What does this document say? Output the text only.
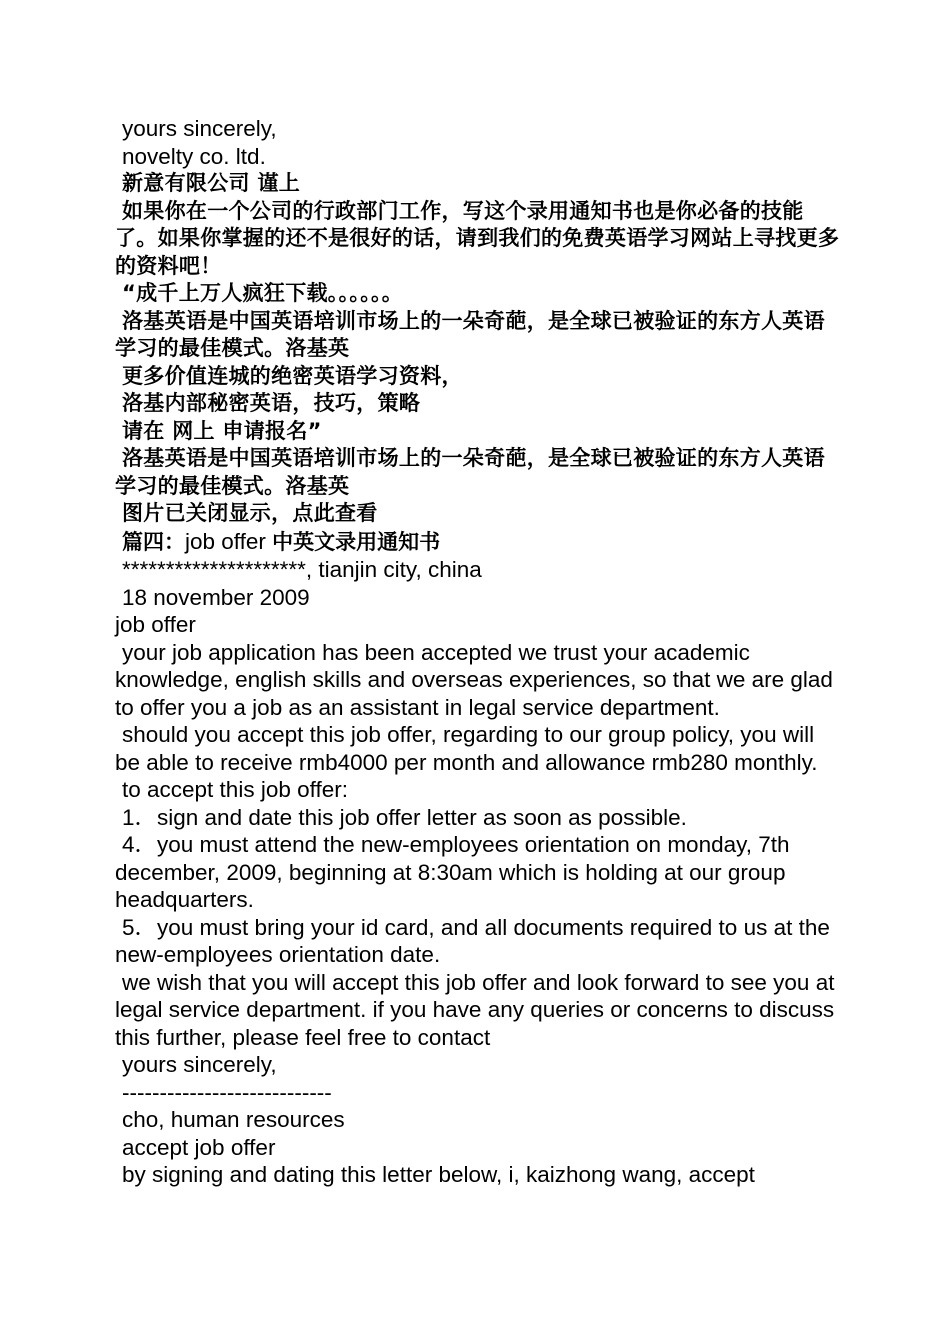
yours sincerely,

novelty co. ltd.

新意有限公司 谨上

如果你在一个公司的行政部门工作，写这个录用通知书也是你必备的技能了。如果你掌握的还不是很好的话，请到我们的免费英语学习网站上寻找更多的资料吧！

“成千上万人疯狂下载。。。。。。

洛基英语是中国英语培训市场上的一朵奇葩，是全球已被验证的东方人英语学习的最佳模式。洛基英

更多价值连城的绝密英语学习资料，

洛基内部秘密英语，技巧，策略

请在 网上 申请报名”

洛基英语是中国英语培训市场上的一朵奇葩，是全球已被验证的东方人英语学习的最佳模式。洛基英

图片已关闭显示，点此查看

篇四：job offer 中英文录用通知书

*********************, tianjin city, china

18 november 2009

job offer

your job application has been accepted we trust your academic knowledge, english skills and overseas experiences, so that we are glad to offer you a job as an assistant in legal service department.

should you accept this job offer, regarding to our group policy, you will be able to receive rmb4000 per month and allowance rmb280 monthly.

to accept this job offer:

1．sign and date this job offer letter as soon as possible.

4．you must attend the new-employees orientation on monday, 7th december, 2009, beginning at 8:30am which is holding at our group headquarters.

5．you must bring your id card, and all documents required to us at the new-employees orientation date.

we wish that you will accept this job offer and look forward to see you at legal service department. if you have any queries or concerns to discuss this further, please feel free to contact

yours sincerely,

----------------------------

cho, human resources

accept job offer

by signing and dating this letter below, i, kaizhong wang, accept
